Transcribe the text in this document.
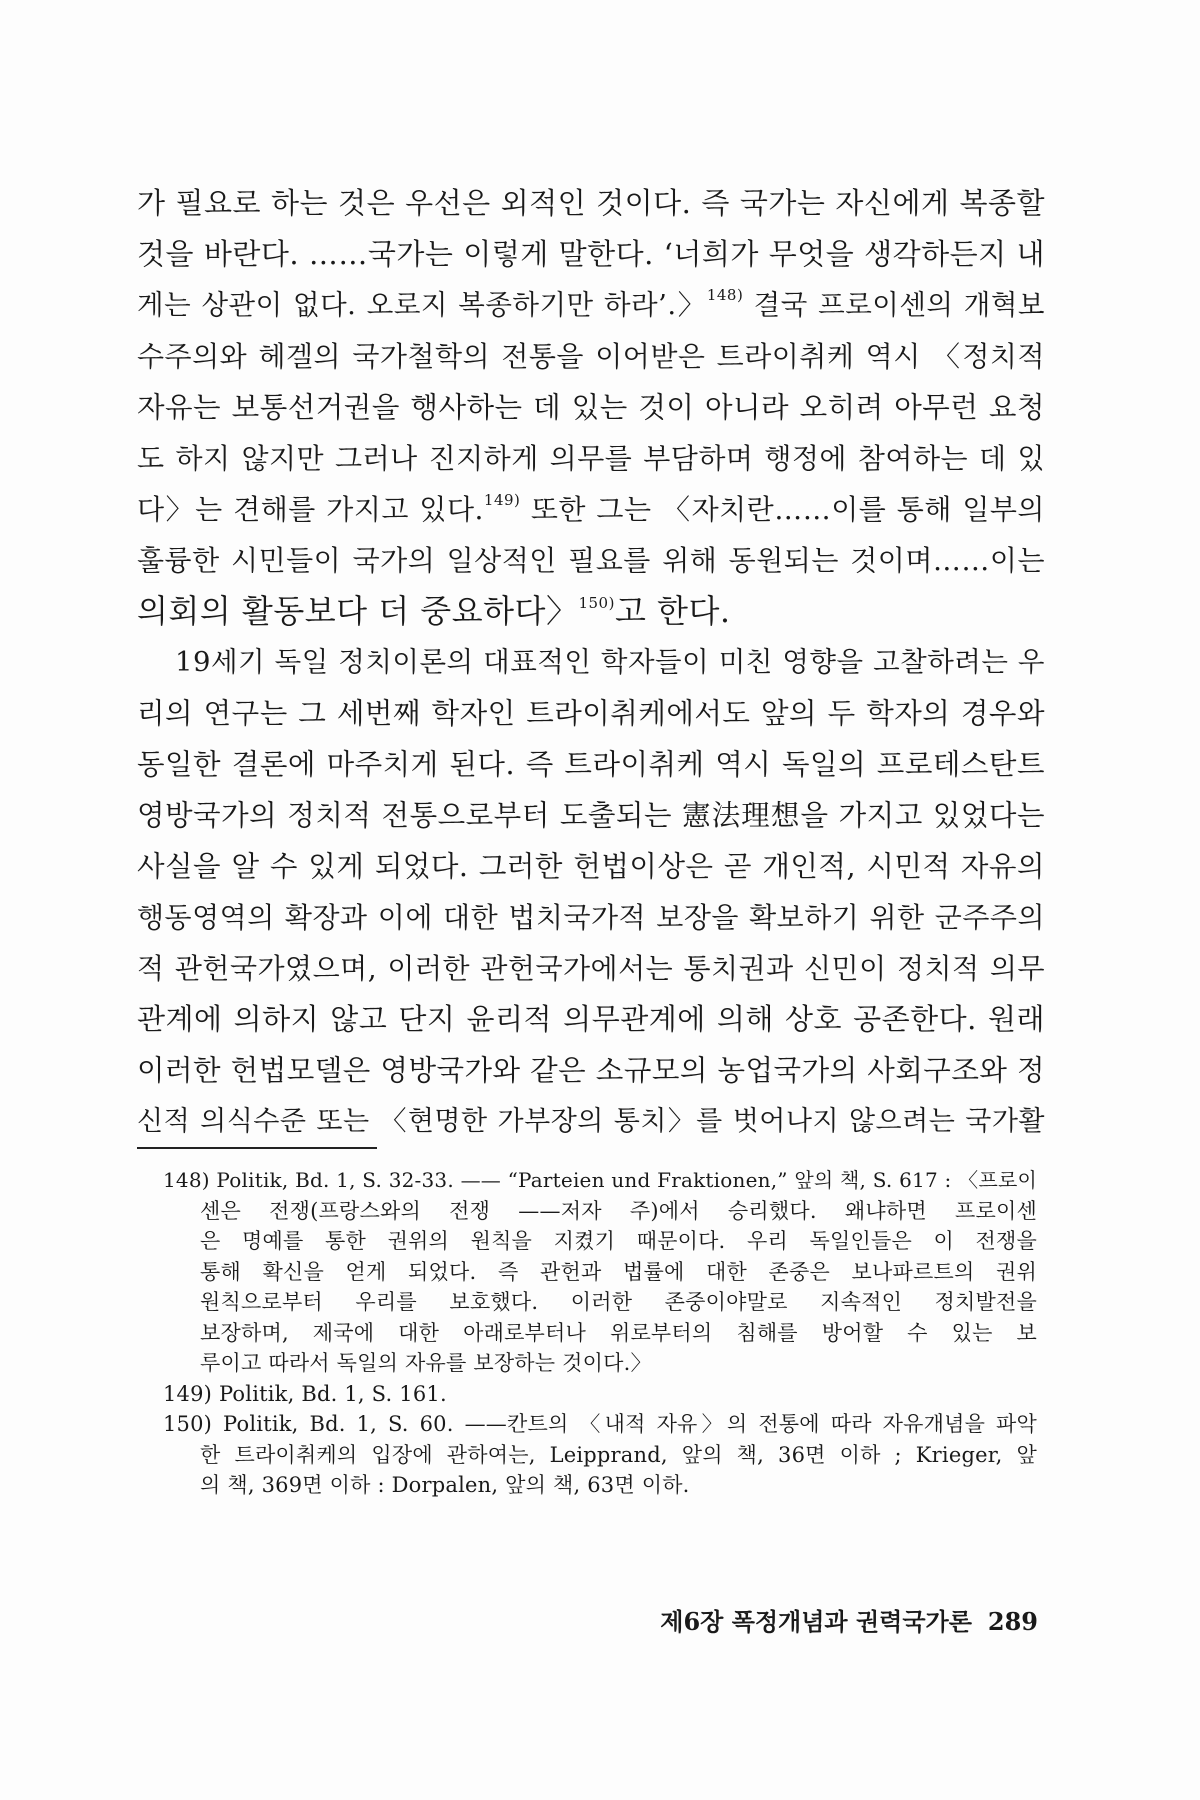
가 필요로 하는 것은 우선은 외적인 것이다. 즉 국가는 자신에게 복종할
것을 바란다. ……국가는 이렇게 말한다. ‘너희가 무엇을 생각하든지 내
게는 상관이 없다. 오로지 복종하기만 하라’.〉$^{148)}$ 결국 프로이센의 개혁보
수주의와 헤겔의 국가철학의 전통을 이어받은 트라이취케 역시 〈정치적
자유는 보통선거권을 행사하는 데 있는 것이 아니라 오히려 아무런 요청
도 하지 않지만 그러나 진지하게 의무를 부담하며 행정에 참여하는 데 있
다〉는 견해를 가지고 있다.$^{149)}$ 또한 그는 〈자치란……이를 통해 일부의
훌륭한 시민들이 국가의 일상적인 필요를 위해 동원되는 것이며……이는
의회의 활동보다 더 중요하다〉$^{150)}$고 한다.
19세기 독일 정치이론의 대표적인 학자들이 미친 영향을 고찰하려는 우
리의 연구는 그 세번째 학자인 트라이취케에서도 앞의 두 학자의 경우와
동일한 결론에 마주치게 된다. 즉 트라이취케 역시 독일의 프로테스탄트
영방국가의 정치적 전통으로부터 도출되는 憲法理想을 가지고 있었다는
사실을 알 수 있게 되었다. 그러한 헌법이상은 곧 개인적, 시민적 자유의
행동영역의 확장과 이에 대한 법치국가적 보장을 확보하기 위한 군주주의
적 관헌국가였으며, 이러한 관헌국가에서는 통치권과 신민이 정치적 의무
관계에 의하지 않고 단지 윤리적 의무관계에 의해 상호 공존한다. 원래
이러한 헌법모델은 영방국가와 같은 소규모의 농업국가의 사회구조와 정
신적 의식수준 또는 〈현명한 가부장의 통치〉를 벗어나지 않으려는 국가활
148) Politik, Bd. 1, S. 32-33. —— “Parteien und Fraktionen,” 앞의 책, S. 617 : 〈프로이
센은 전쟁(프랑스와의 전쟁 ——저자 주)에서 승리했다. 왜냐하면 프로이센
은 명예를 통한 권위의 원칙을 지켰기 때문이다. 우리 독일인들은 이 전쟁을
통해 확신을 얻게 되었다. 즉 관헌과 법률에 대한 존중은 보나파르트의 권위
원칙으로부터 우리를 보호했다. 이러한 존중이야말로 지속적인 정치발전을
보장하며, 제국에 대한 아래로부터나 위로부터의 침해를 방어할 수 있는 보
루이고 따라서 독일의 자유를 보장하는 것이다.〉
149) Politik, Bd. 1, S. 161.
150) Politik, Bd. 1, S. 60. ——칸트의 〈내적 자유〉의 전통에 따라 자유개념을 파악
한 트라이취케의 입장에 관하여는, Leipprand, 앞의 책, 36면 이하 ; Krieger, 앞
의 책, 369면 이하 : Dorpalen, 앞의 책, 63면 이하.
제6장 폭정개념과 권력국가론 289
